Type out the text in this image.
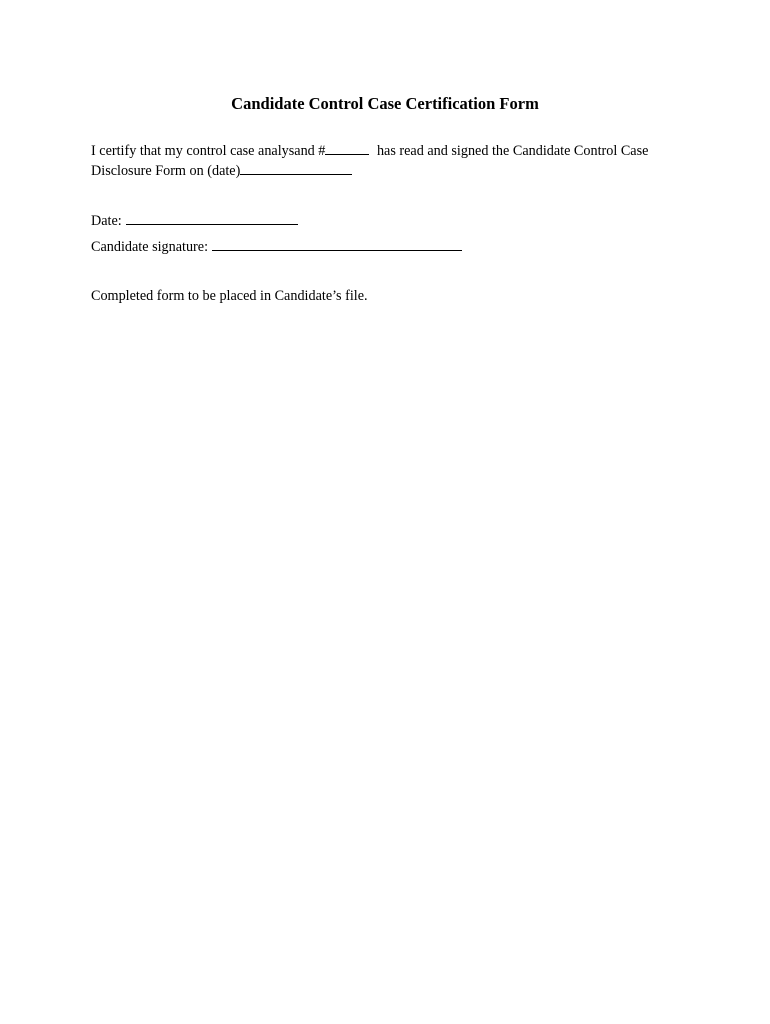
Candidate Control Case Certification Form
I certify that my control case analysand #	has read and signed the Candidate Control Case Disclosure Form on (date)
Date:
Candidate signature:
Completed form to be placed in Candidate’s file.
